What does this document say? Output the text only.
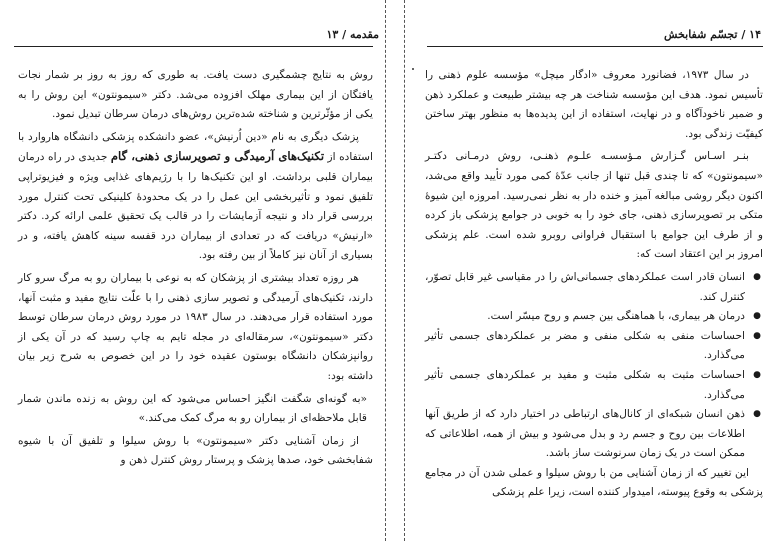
۱۴ / تجسّم شفابخش

در سال ۱۹۷۳، فضانورد معروف «ادگار میچل» مؤسسه علوم ذهنی را تأسیس نمود. هدف این مؤسسه شناخت هر چه بیشتر طبیعت و عملکرد ذهن و ضمیر ناخودآگاه و در نهایت، استفاده از این پدیده‌ها به منظور بهتر ساختن کیفیّت زندگی بود.

بنـر اسـاس گـزارش مـؤسسـه علـوم ذهنـی، روش درمـانی دکتـر «سیمونتون» که تا چندی قبل تنها از جانب عدّه‌ٔ کمی مورد تأیید واقع می‌شد، اکنون دیگر روشی مبالغه آمیز و خنده دار به نظر نمی‌رسید. امروزه این شیوهٔ متکی بر تصویرسازی ذهنی، جای خود را به خوبی در جوامع پزشکی باز کرده و از طرف این جوامع با استقبال فراوانی روبرو شده است. علم پزشکی امروز بر این اعتقاد است که:

● انسان قادر است عملکردهای جسمانی‌اش را در مقیاسی غیر قابل تصوّر، کنترل کند.
● درمان هر بیماری، با هماهنگی بین جسم و روح میسّر است.
● احساسات منفی به شکلی منفی و مضر بر عملکردهای جسمی تأثیر می‌گذارد.
● احساسات مثبت به شکلی مثبت و مفید بر عملکردهای جسمی تأثیر می‌گذارد.
● ذهن انسان شبکه‌ای از کانال‌های ارتباطی در اختیار دارد که از طریق آنها اطلاعات بین روح و جسم رد و بدل می‌شود و بیش از همه، اطلاعاتی که ممکن است در یک زمان سرنوشت ساز باشد.

این تغییر که از زمان آشنایی من با روش سیلوا و عملی شدن آن در مجامع پزشکی به وقوع پیوسته، امیدوار کننده است، زیرا علم پزشکی

مقدمه / ۱۳

روش به نتایج چشمگیری دست یافت. به طوری که روز به روز بر شمار نجات یافتگان از این بیماری مهلک افزوده می‌شد. دکتر «سیمونتون» این روش را به یکی از مؤثّرترین و شناخته شده‌ترین روش‌های درمان سرطان تبدیل نمود.

پزشک دیگری به نام «دین اُرنیش»، عضو دانشکده پزشکی دانشگاه هاروارد با استفاده از تکنیک‌های آرمیدگی و تصویرسازی ذهنی، گام جدیدی در راه درمان بیماران قلبی برداشت. او این تکنیک‌ها را با رژیم‌های غذایی ویژه و فیزیوتراپی تلفیق نمود و تأثیربخشی این عمل را در یک محدودهٔ کلینیکی تحت کنترل مورد بررسی قرار داد و نتیجه آزمایشات را در قالب یک تحقیق علمی ارائه کرد. دکتر «ارنیش» دریافت که در تعدادی از بیماران درد قفسه سینه کاهش یافته، و در بسیاری از آنان نیز کاملاً از بین رفته بود.

هر روزه تعداد بیشتری از پزشکان که به نوعی با بیماران رو به مرگ سرو کار دارند، تکنیک‌های آرمیدگی و تصویر سازی ذهنی را با علّت نتایج مفید و مثبت آنها، مورد استفاده قرار می‌دهند. در سال ۱۹۸۳ در مورد روش درمان سرطان توسط دکتر «سیمونتون»، سرمقاله‌ای در مجله تایم به چاپ رسید که در آن یکی از روانپزشکان دانشگاه بوستون عقیده خود را در این خصوص به شرح زیر بیان داشته بود:

«به گونه‌ای شگفت انگیز احساس می‌شود که این روش به زنده ماندن شمار قابل ملاحظه‌ای از بیماران رو به مرگ کمک می‌کند.»

از زمان آشنایی دکتر «سیمونتون» با روش سیلوا و تلفیق آن با شیوه شفابخشی خود، صدها پزشک و پرستار روش کنترل ذهن و
